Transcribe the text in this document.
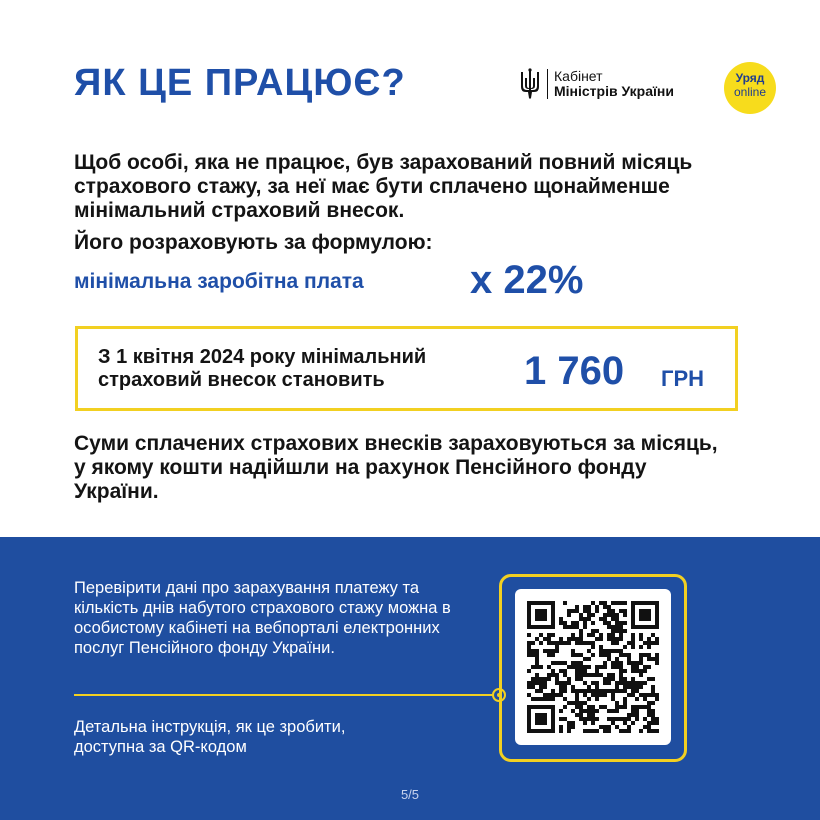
ЯК ЦЕ ПРАЦЮЄ?	Кабінет
Міністрів України
Уряд
online
Щоб особі, яка не працює, був зарахований повний місяць страхового стажу, за неї має бути сплачено щонайменше мінімальний страховий внесок.
Його розраховують за формулою:
мінімальна заробітна плата	х 22%
З 1 квітня 2024 року мінімальний страховий внесок становить	1 760 ГРН
Суми сплачених страхових внесків зараховуються за місяць, у якому кошти надійшли на рахунок Пенсійного фонду України.
Перевірити дані про зарахування платежу та кількість днів набутого страхового стажу можна в особистому кабінеті на вебпорталі електронних послуг Пенсійного фонду України.
Детальна інструкція, як це зробити, доступна за QR-кодом
5/5
